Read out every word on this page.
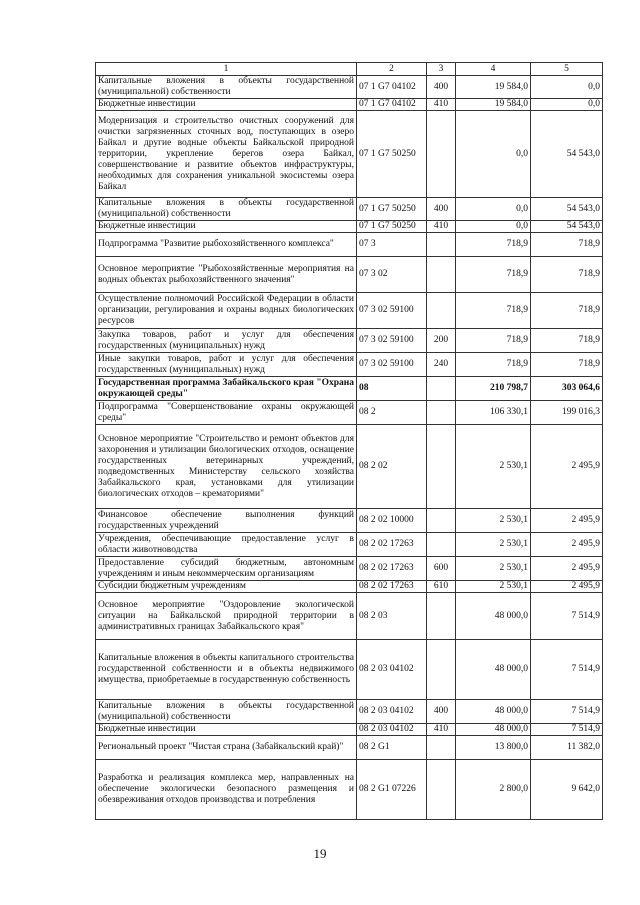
1	2	3	4	5
Капитальные вложения в объекты государственной (муниципальной) собственности	07 1 G7 04102	400	19 584,0	0,0
Бюджетные инвестиции	07 1 G7 04102	410	19 584,0	0,0
Модернизация и строительство очистных сооружений для очистки загрязненных сточных вод, поступающих в озеро Байкал и другие водные объекты Байкальской природной территории, укрепление берегов озера Байкал, совершенствование и развитие объектов инфраструктуры, необходимых для сохранения уникальной экосистемы озера Байкал	07 1 G7 50250		0,0	54 543,0
Капитальные вложения в объекты государственной (муниципальной) собственности	07 1 G7 50250	400	0,0	54 543,0
Бюджетные инвестиции	07 1 G7 50250	410	0,0	54 543,0
Подпрограмма "Развитие рыбохозяйственного комплекса"	07 3		718,9	718,9
Основное мероприятие "Рыбохозяйственные мероприятия на водных объектах рыбохозяйственного значения"	07 3 02		718,9	718,9
Осуществление полномочий Российской Федерации в области организации, регулирования и охраны водных биологических ресурсов	07 3 02 59100		718,9	718,9
Закупка товаров, работ и услуг для обеспечения государственных (муниципальных) нужд	07 3 02 59100	200	718,9	718,9
Иные закупки товаров, работ и услуг для обеспечения государственных (муниципальных) нужд	07 3 02 59100	240	718,9	718,9
Государственная программа Забайкальского края "Охрана окружающей среды"	08		210 798,7	303 064,6
Подпрограмма "Совершенствование охраны окружающей среды"	08 2		106 330,1	199 016,3
Основное мероприятие "Строительство и ремонт объектов для захоронения и утилизации биологических отходов, оснащение государственных ветеринарных учреждений, подведомственных Министерству сельского хозяйства Забайкальского края, установками для утилизации биологических отходов – крематориями"	08 2 02		2 530,1	2 495,9
Финансовое обеспечение выполнения функций государственных учреждений	08 2 02 10000		2 530,1	2 495,9
Учреждения, обеспечивающие предоставление услуг в области животноводства	08 2 02 17263		2 530,1	2 495,9
Предоставление субсидий бюджетным, автономным учреждениям и иным некоммерческим организациям	08 2 02 17263	600	2 530,1	2 495,9
Субсидии бюджетным учреждениям	08 2 02 17263	610	2 530,1	2 495,9
Основное мероприятие "Оздоровление экологической ситуации на Байкальской природной территории в административных границах Забайкальского края"	08 2 03		48 000,0	7 514,9
Капитальные вложения в объекты капитального строительства государственной собственности и в объекты недвижимого имущества, приобретаемые в государственную собственность	08 2 03 04102		48 000,0	7 514,9
Капитальные вложения в объекты государственной (муниципальной) собственности	08 2 03 04102	400	48 000,0	7 514,9
Бюджетные инвестиции	08 2 03 04102	410	48 000,0	7 514,9
Региональный проект "Чистая страна (Забайкальский край)"	08 2 G1		13 800,0	11 382,0
Разработка и реализация комплекса мер, направленных на обеспечение экологически безопасного размещения и обезвреживания отходов производства и потребления	08 2 G1 07226		2 800,0	9 642,0
19
